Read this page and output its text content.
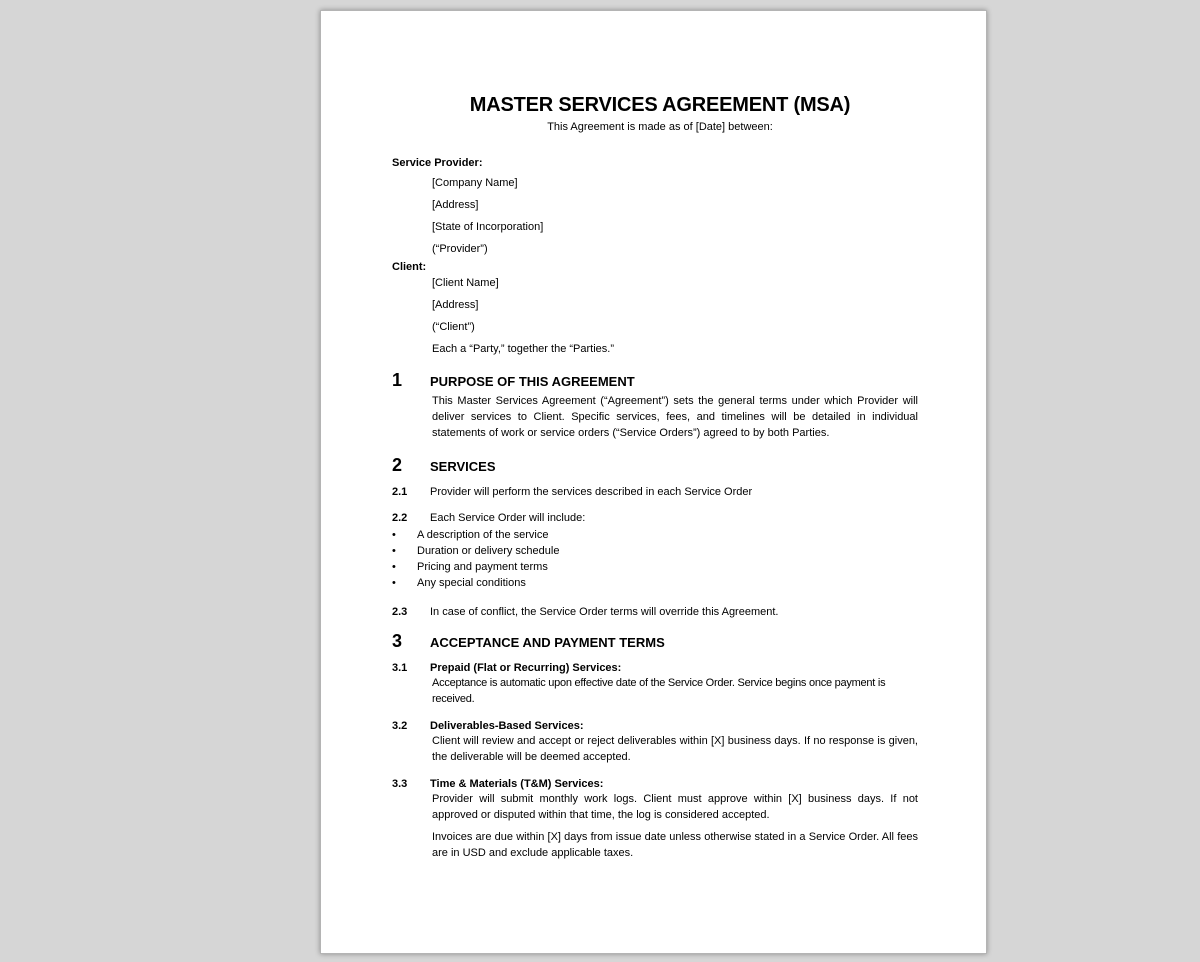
MASTER SERVICES AGREEMENT (MSA)
This Agreement is made as of [Date] between:
Service Provider:
[Company Name]
[Address]
[State of Incorporation]
(“Provider”)
Client:
[Client Name]
[Address]
(“Client”)
Each a “Party,” together the “Parties.”
1	PURPOSE OF THIS AGREEMENT
This Master Services Agreement (“Agreement”) sets the general terms under which Provider will deliver services to Client. Specific services, fees, and timelines will be detailed in individual statements of work or service orders (“Service Orders”) agreed to by both Parties.
2	SERVICES
2.1	Provider will perform the services described in each Service Order
2.2	Each Service Order will include:
•	A description of the service
•	Duration or delivery schedule
•	Pricing and payment terms
•	Any special conditions
2.3	In case of conflict, the Service Order terms will override this Agreement.
3	ACCEPTANCE AND PAYMENT TERMS
3.1	Prepaid (Flat or Recurring) Services:
Acceptance is automatic upon effective date of the Service Order. Service begins once payment is received.
3.2	Deliverables-Based Services:
Client will review and accept or reject deliverables within [X] business days. If no response is given, the deliverable will be deemed accepted.
3.3	Time & Materials (T&M) Services:
Provider will submit monthly work logs. Client must approve within [X] business days. If not approved or disputed within that time, the log is considered accepted.
Invoices are due within [X] days from issue date unless otherwise stated in a Service Order. All fees are in USD and exclude applicable taxes.
